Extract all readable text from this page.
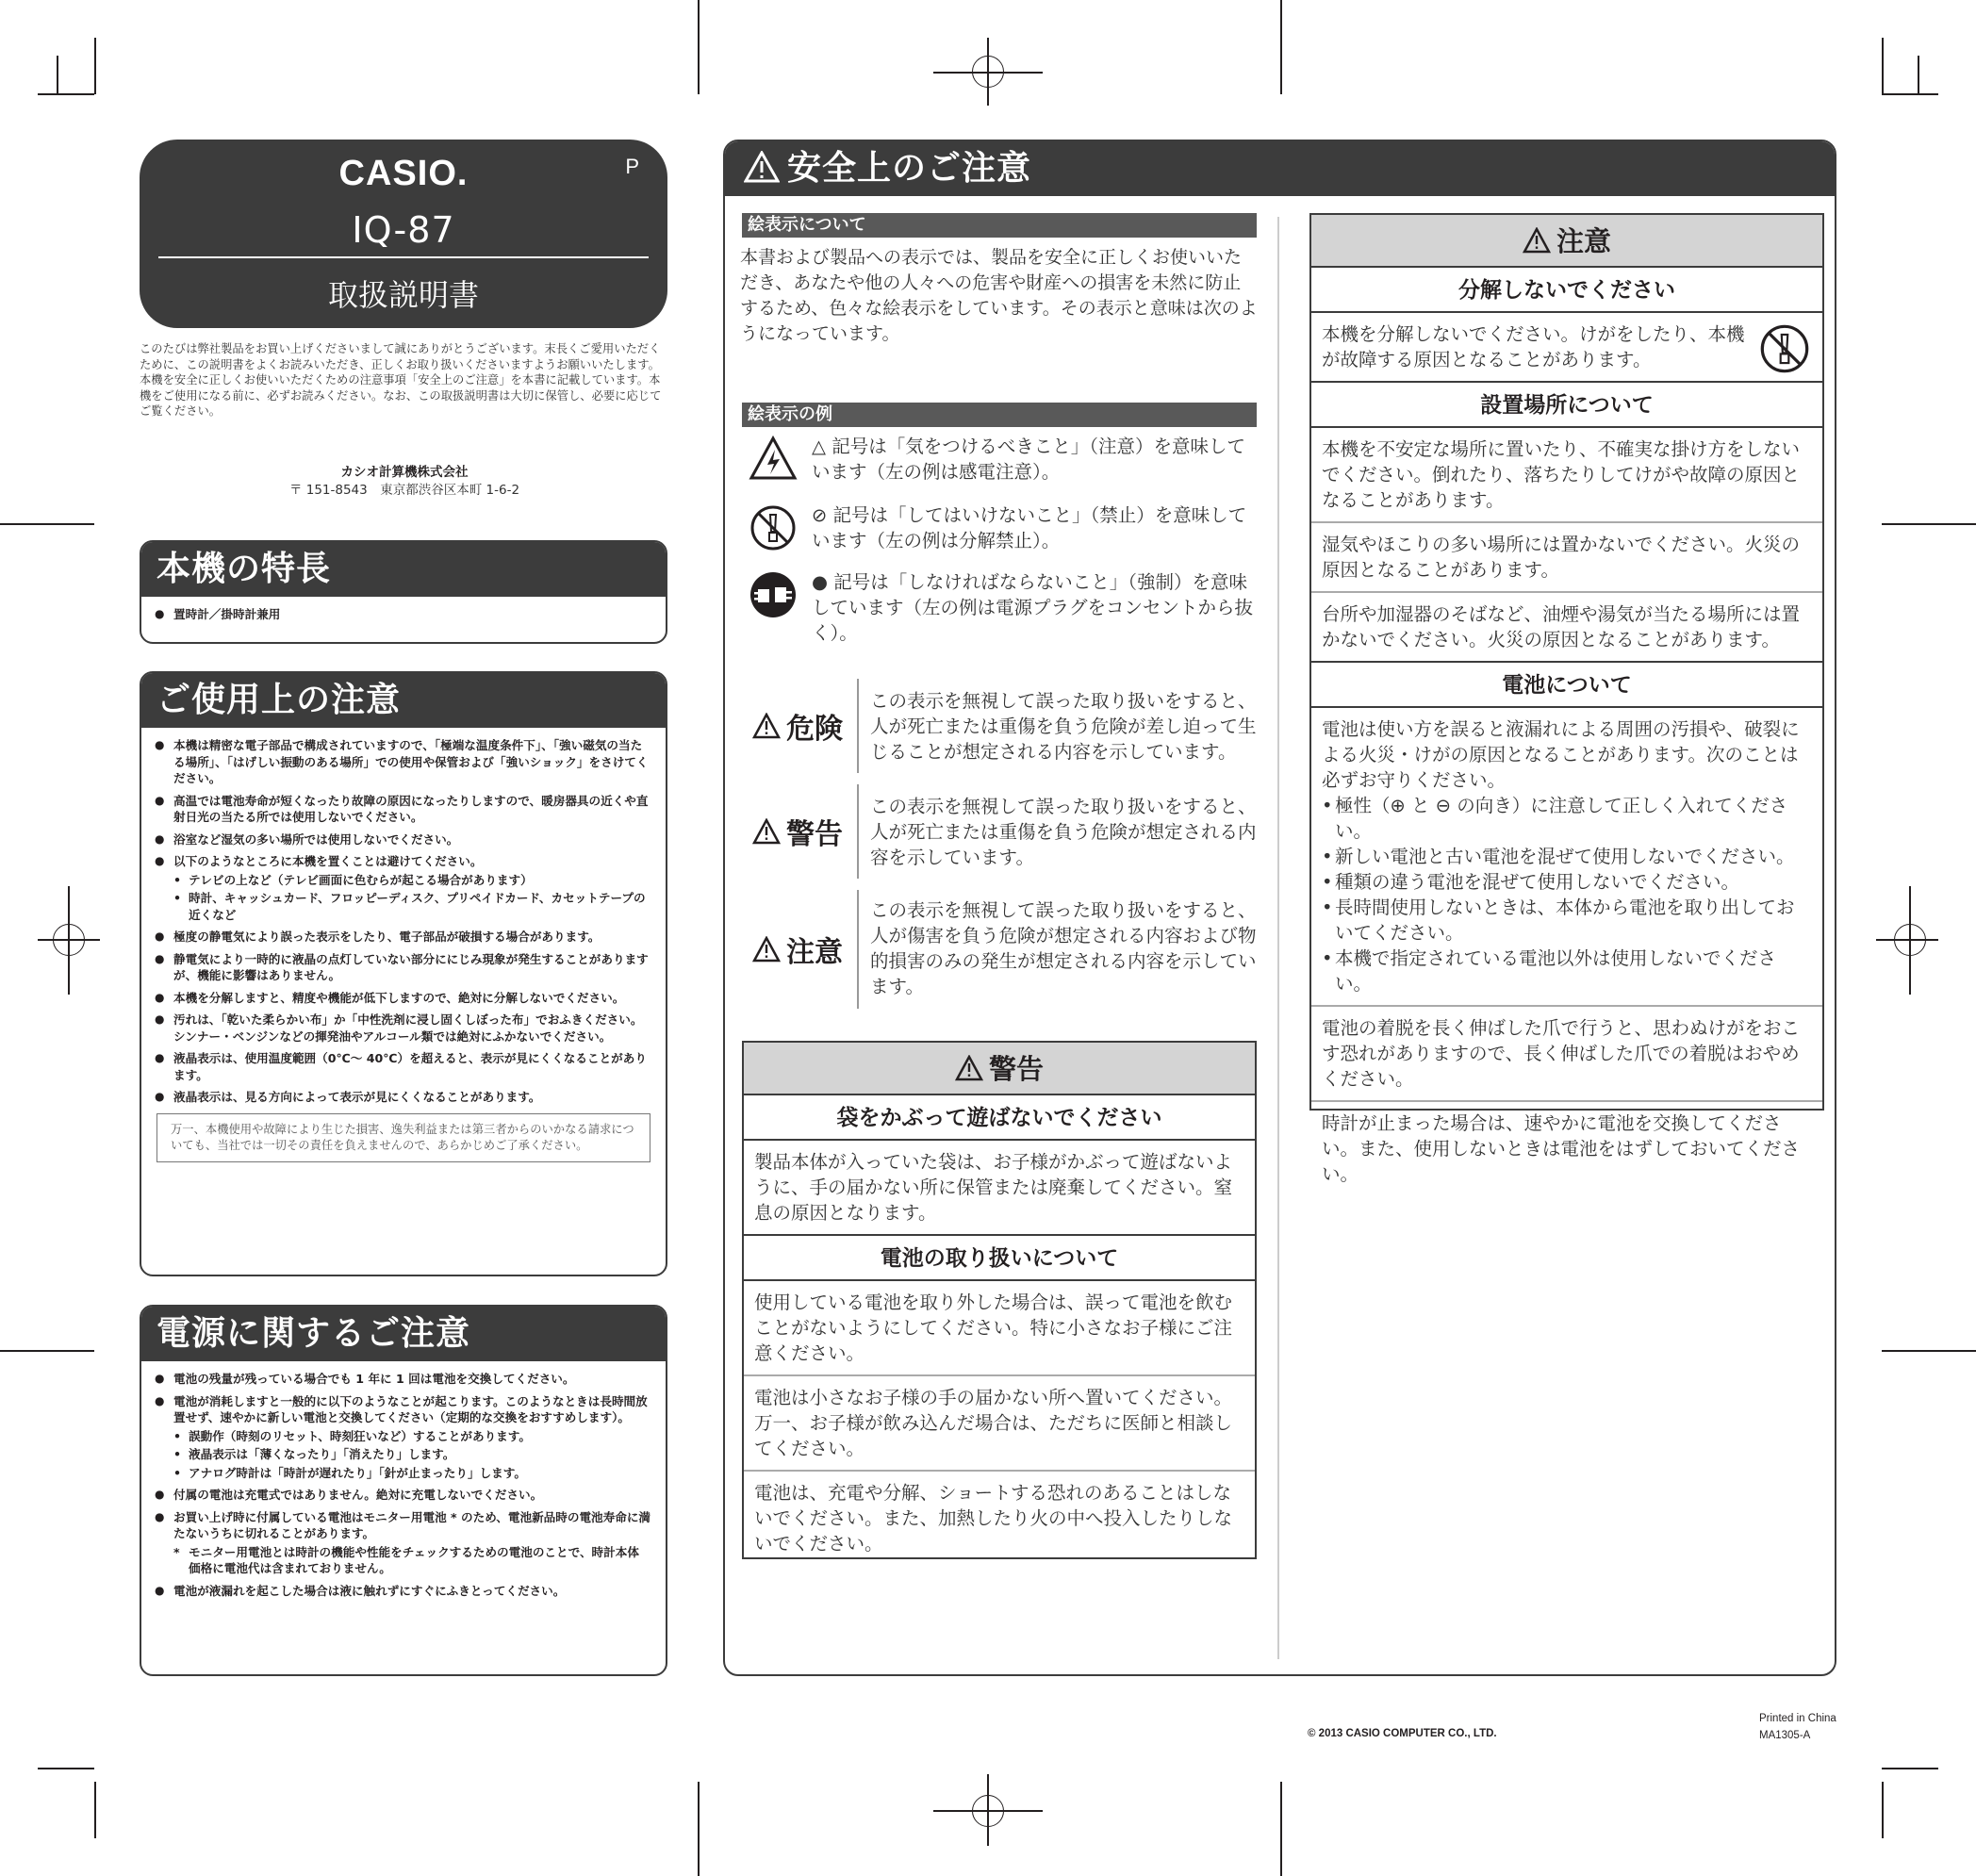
CASIO.	P
IQ-87
取扱説明書

このたびは弊社製品をお買い上げくださいまして誠にありがとうございます。末長くご愛用いただくために、この説明書をよくお読みいただき、正しくお取り扱いくださいますようお願いいたします。

本機を安全に正しくお使いいただくための注意事項「安全上のご注意」を本書に記載しています。本機をご使用になる前に、必ずお読みください。なお、この取扱説明書は大切に保管し、必要に応じてご覧ください。

カシオ計算機株式会社
〒 151-8543　東京都渋谷区本町 1-6-2
本機の特長
● 置時計／掛時計兼用
ご使用上の注意
● 本機は精密な電子部品で構成されていますので、「極端な温度条件下」、「強い磁気の当たる場所」、「はげしい振動のある場所」での使用や保管および「強いショック」をさけてください。
● 高温では電池寿命が短くなったり故障の原因になったりしますので、暖房器具の近くや直射日光の当たる所では使用しないでください。
● 浴室など湿気の多い場所では使用しないでください。
● 以下のようなところに本機を置くことは避けてください。
• テレビの上など（テレビ画面に色むらが起こる場合があります）
• 時計、キャッシュカード、フロッピーディスク、プリペイドカード、カセットテープの近くなど
● 極度の静電気により誤った表示をしたり、電子部品が破損する場合があります。
● 静電気により一時的に液晶の点灯していない部分ににじみ現象が発生することがありますが、機能に影響はありません。
● 本機を分解しますと、精度や機能が低下しますので、絶対に分解しないでください。
● 汚れは、「乾いた柔らかい布」か「中性洗剤に浸し固くしぼった布」でおふきください。シンナー・ベンジンなどの揮発油やアルコール類では絶対にふかないでください。
● 液晶表示は、使用温度範囲（0℃～ 40℃）を超えると、表示が見にくくなることがあります。
● 液晶表示は、見る方向によって表示が見にくくなることがあります。
万一、本機使用や故障により生じた損害、逸失利益または第三者からのいかなる請求についても、当社では一切その責任を負えませんので、あらかじめご了承ください。
電源に関するご注意
● 電池の残量が残っている場合でも 1 年に 1 回は電池を交換してください。
● 電池が消耗しますと一般的に以下のようなことが起こります。このようなときは長時間放置せず、速やかに新しい電池と交換してください（定期的な交換をおすすめします）。
• 誤動作（時刻のリセット、時刻狂いなど）することがあります。
• 液晶表示は「薄くなったり」「消えたり」します。
• アナログ時計は「時計が遅れたり」「針が止まったり」します。
● 付属の電池は充電式ではありません。絶対に充電しないでください。
● お買い上げ時に付属している電池はモニター用電池 * のため、電池新品時の電池寿命に満たないうちに切れることがあります。
* モニター用電池とは時計の機能や性能をチェックするための電池のことで、時計本体価格に電池代は含まれておりません。
● 電池が液漏れを起こした場合は液に触れずにすぐにふきとってください。
安全上のご注意
絵表示について
本書および製品への表示では、製品を安全に正しくお使いいただき、あなたや他の人々への危害や財産への損害を未然に防止するため、色々な絵表示をしています。その表示と意味は次のようになっています。
絵表示の例
△ 記号は「気をつけるべきこと」（注意）を意味しています（左の例は感電注意）。
⊘ 記号は「してはいけないこと」（禁止）を意味しています（左の例は分解禁止）。
● 記号は「しなければならないこと」（強制）を意味しています（左の例は電源プラグをコンセントから抜く）。
危険
この表示を無視して誤った取り扱いをすると、人が死亡または重傷を負う危険が差し迫って生じることが想定される内容を示しています。
警告
この表示を無視して誤った取り扱いをすると、人が死亡または重傷を負う危険が想定される内容を示しています。
注意
この表示を無視して誤った取り扱いをすると、人が傷害を負う危険が想定される内容および物的損害のみの発生が想定される内容を示しています。
警告
袋をかぶって遊ばないでください
製品本体が入っていた袋は、お子様がかぶって遊ばないように、手の届かない所に保管または廃棄してください。窒息の原因となります。
電池の取り扱いについて
使用している電池を取り外した場合は、誤って電池を飲むことがないようにしてください。特に小さなお子様にご注意ください。
電池は小さなお子様の手の届かない所へ置いてください。万一、お子様が飲み込んだ場合は、ただちに医師と相談してください。
電池は、充電や分解、ショートする恐れのあることはしないでください。また、加熱したり火の中へ投入したりしないでください。
注意
分解しないでください
本機を分解しないでください。けがをしたり、本機が故障する原因となることがあります。
設置場所について
本機を不安定な場所に置いたり、不確実な掛け方をしないでください。倒れたり、落ちたりしてけがや故障の原因となることがあります。
湿気やほこりの多い場所には置かないでください。火災の原因となることがあります。
台所や加湿器のそばなど、油煙や湯気が当たる場所には置かないでください。火災の原因となることがあります。
電池について
電池は使い方を誤ると液漏れによる周囲の汚損や、破裂による火災・けがの原因となることがあります。次のことは必ずお守りください。
• 極性（⊕ と ⊖ の向き）に注意して正しく入れてください。
• 新しい電池と古い電池を混ぜて使用しないでください。
• 種類の違う電池を混ぜて使用しないでください。
• 長時間使用しないときは、本体から電池を取り出しておいてください。
• 本機で指定されている電池以外は使用しないでください。
電池の着脱を長く伸ばした爪で行うと、思わぬけがをおこす恐れがありますので、長く伸ばした爪での着脱はおやめください。
時計が止まった場合は、速やかに電池を交換してください。また、使用しないときは電池をはずしておいてください。
© 2013 CASIO COMPUTER CO., LTD.
Printed in China
MA1305-A
